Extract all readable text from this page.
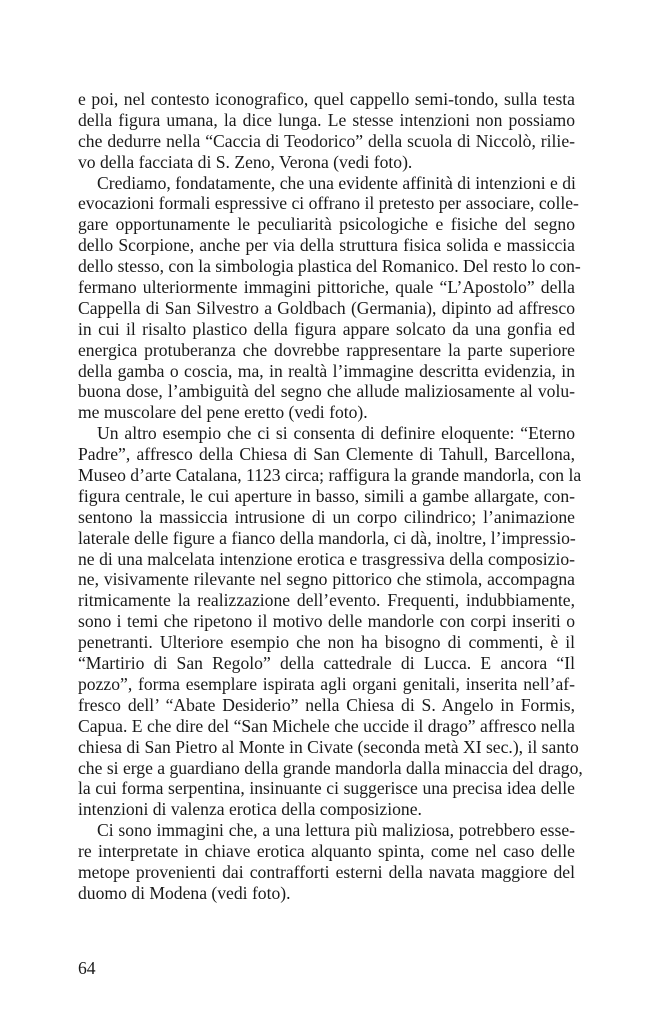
e poi, nel contesto iconografico, quel cappello semi-tondo, sulla testa
della figura umana, la dice lunga. Le stesse intenzioni non possiamo
che dedurre nella “Caccia di Teodorico” della scuola di Niccolò, rilie-
vo della facciata di S. Zeno, Verona (vedi foto).
Crediamo, fondatamente, che una evidente affinità di intenzioni e di
evocazioni formali espressive ci offrano il pretesto per associare, colle-
gare opportunamente le peculiarità psicologiche e fisiche del segno
dello Scorpione, anche per via della struttura fisica solida e massiccia
dello stesso, con la simbologia plastica del Romanico. Del resto lo con-
fermano ulteriormente immagini pittoriche, quale “L’Apostolo” della
Cappella di San Silvestro a Goldbach (Germania), dipinto ad affresco
in cui il risalto plastico della figura appare solcato da una gonfia ed
energica protuberanza che dovrebbe rappresentare la parte superiore
della gamba o coscia, ma, in realtà l’immagine descritta evidenzia, in
buona dose, l’ambiguità del segno che allude maliziosamente al volu-
me muscolare del pene eretto (vedi foto).
Un altro esempio che ci si consenta di definire eloquente: “Eterno
Padre”, affresco della Chiesa di San Clemente di Tahull, Barcellona,
Museo d’arte Catalana, 1123 circa; raffigura la grande mandorla, con la
figura centrale, le cui aperture in basso, simili a gambe allargate, con-
sentono la massiccia intrusione di un corpo cilindrico; l’animazione
laterale delle figure a fianco della mandorla, ci dà, inoltre, l’impressio-
ne di una malcelata intenzione erotica e trasgressiva della composizio-
ne, visivamente rilevante nel segno pittorico che stimola, accompagna
ritmicamente la realizzazione dell’evento. Frequenti, indubbiamente,
sono i temi che ripetono il motivo delle mandorle con corpi inseriti o
penetranti. Ulteriore esempio che non ha bisogno di commenti, è il
“Martirio di San Regolo” della cattedrale di Lucca. E ancora “Il
pozzo”, forma esemplare ispirata agli organi genitali, inserita nell’af-
fresco dell’ “Abate Desiderio” nella Chiesa di S. Angelo in Formis,
Capua. E che dire del “San Michele che uccide il drago” affresco nella
chiesa di San Pietro al Monte in Civate (seconda metà XI sec.), il santo
che si erge a guardiano della grande mandorla dalla minaccia del drago,
la cui forma serpentina, insinuante ci suggerisce una precisa idea delle
intenzioni di valenza erotica della composizione.
Ci sono immagini che, a una lettura più maliziosa, potrebbero esse-
re interpretate in chiave erotica alquanto spinta, come nel caso delle
metope provenienti dai contrafforti esterni della navata maggiore del
duomo di Modena (vedi foto).
64
